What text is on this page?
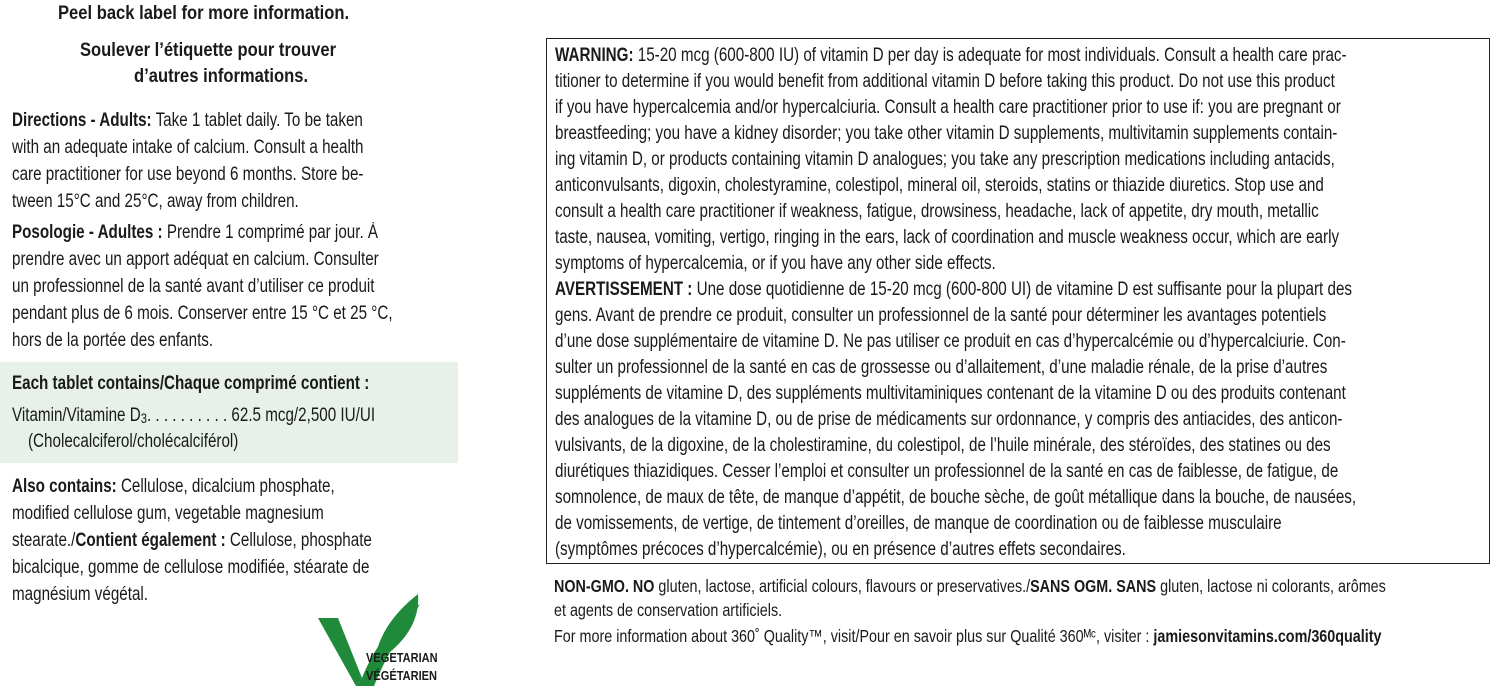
Peel back label for more information.
Soulever l’étiquette pour trouver
d’autres informations.
Directions - Adults: Take 1 tablet daily. To be taken
with an adequate intake of calcium. Consult a health
care practitioner for use beyond 6 months. Store be-
tween 15°C and 25°C, away from children.
Posologie - Adultes : Prendre 1 comprimé par jour. À
prendre avec un apport adéquat en calcium. Consulter
un professionnel de la santé avant d’utiliser ce produit
pendant plus de 6 mois. Conserver entre 15 °C et 25 °C,
hors de la portée des enfants.
Each tablet contains/Chaque comprimé contient :
Vitamin/Vitamine $D_3$. . . . . . . . . . 62.5 mcg/2,500 IU/UI
(Cholecalciferol/cholécalciférol)
Also contains: Cellulose, dicalcium phosphate,
modified cellulose gum, vegetable magnesium
stearate./Contient également : Cellulose, phosphate
bicalcique, gomme de cellulose modifiée, stéarate de
magnésium végétal.
VEGETARIAN
VÉGÉTARIEN
WARNING: 15-20 mcg (600-800 IU) of vitamin D per day is adequate for most individuals. Consult a health care prac-
titioner to determine if you would benefit from additional vitamin D before taking this product. Do not use this product
if you have hypercalcemia and/or hypercalciuria. Consult a health care practitioner prior to use if: you are pregnant or
breastfeeding; you have a kidney disorder; you take other vitamin D supplements, multivitamin supplements contain-
ing vitamin D, or products containing vitamin D analogues; you take any prescription medications including antacids,
anticonvulsants, digoxin, cholestyramine, colestipol, mineral oil, steroids, statins or thiazide diuretics. Stop use and
consult a health care practitioner if weakness, fatigue, drowsiness, headache, lack of appetite, dry mouth, metallic
taste, nausea, vomiting, vertigo, ringing in the ears, lack of coordination and muscle weakness occur, which are early
symptoms of hypercalcemia, or if you have any other side effects.
AVERTISSEMENT : Une dose quotidienne de 15-20 mcg (600-800 UI) de vitamine D est suffisante pour la plupart des
gens. Avant de prendre ce produit, consulter un professionnel de la santé pour déterminer les avantages potentiels
d’une dose supplémentaire de vitamine D. Ne pas utiliser ce produit en cas d’hypercalcémie ou d’hypercalciurie. Con-
sulter un professionnel de la santé en cas de grossesse ou d’allaitement, d’une maladie rénale, de la prise d’autres
suppléments de vitamine D, des suppléments multivitaminiques contenant de la vitamine D ou des produits contenant
des analogues de la vitamine D, ou de prise de médicaments sur ordonnance, y compris des antiacides, des anticon-
vulsivants, de la digoxine, de la cholestiramine, du colestipol, de l’huile minérale, des stéroïdes, des statines ou des
diurétiques thiazidiques. Cesser l’emploi et consulter un professionnel de la santé en cas de faiblesse, de fatigue, de
somnolence, de maux de tête, de manque d’appétit, de bouche sèche, de goût métallique dans la bouche, de nausées,
de vomissements, de vertige, de tintement d’oreilles, de manque de coordination ou de faiblesse musculaire
(symptômes précoces d’hypercalcémie), ou en présence d’autres effets secondaires.
NON-GMO. NO gluten, lactose, artificial colours, flavours or preservatives./SANS OGM. SANS gluten, lactose ni colorants, arômes
et agents de conservation artificiels.
For more information about 360˚ Quality™, visit/Pour en savoir plus sur Qualité 360ᴹᶜ, visiter : jamiesonvitamins.com/360quality
